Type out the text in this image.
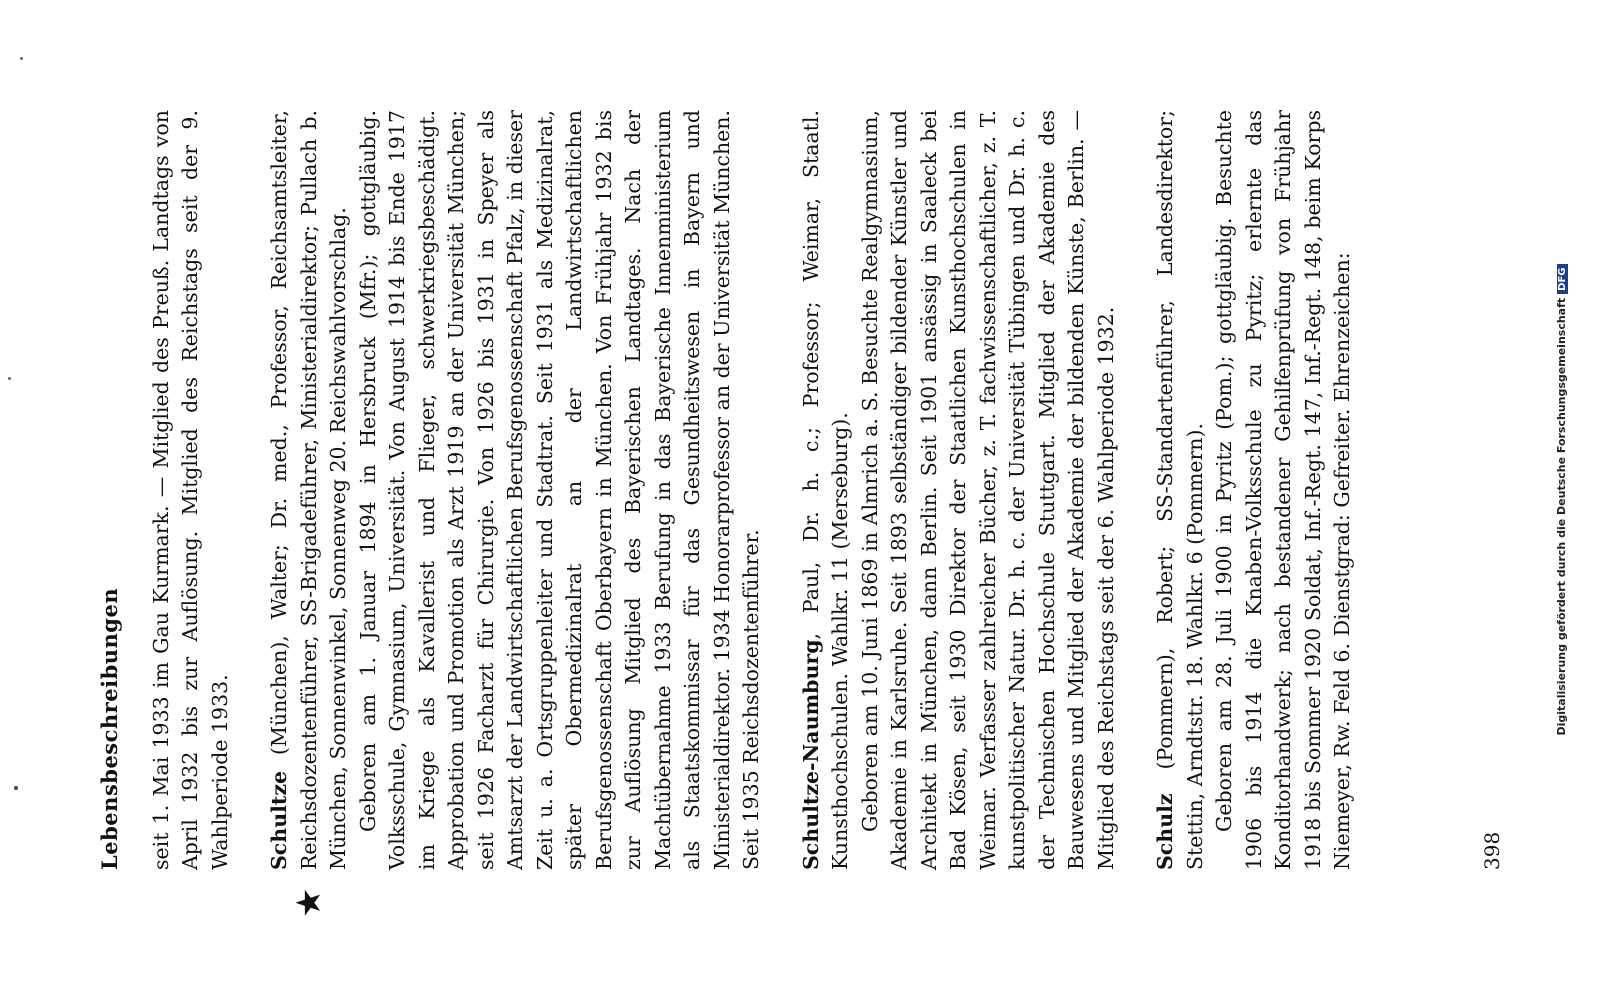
★
Lebensbeschreibungen seit 1. Mai 1933 im Gau Kurmark. — Mitglied des Preuß. Landtags von April 1932 bis zur Auflösung. Mitglied des Reichstags seit der 9. Wahlperiode 1933. Schultze (München), Walter; Dr. med., Professor, Reichsamtsleiter, Reichsdozentenführer, SS-Brigadeführer, Ministerialdirektor; Pullach b. München, Sonnenwinkel, Sonnenweg 20. Reichswahlvorschlag. Geboren am 1. Januar 1894 in Hersbruck (Mfr.); gottgläubig. Volksschule, Gymnasium, Universität. Von August 1914 bis Ende 1917 im Kriege als Kavallerist und Flieger, schwerkriegsbeschädigt. Approbation und Promotion als Arzt 1919 an der Universität München; seit 1926 Facharzt für Chirurgie. Von 1926 bis 1931 in Speyer als Amtsarzt der Landwirtschaftlichen Berufsgenossenschaft Pfalz, in dieser Zeit u. a. Ortsgruppenleiter und Stadtrat. Seit 1931 als Medizinalrat, später Obermedizinalrat an der Landwirtschaftlichen Berufsgenossenschaft Oberbayern in München. Von Frühjahr 1932 bis zur Auflösung Mitglied des Bayerischen Landtages. Nach der Machtübernahme 1933 Berufung in das Bayerische Innenministerium als Staatskommissar für das Gesundheitswesen in Bayern und Ministerialdirektor. 1934 Honorarprofessor an der Universität München. Seit 1935 Reichsdozentenführer. Schultze-Naumburg, Paul, Dr. h. c.; Professor; Weimar, Staatl. Kunsthochschulen. Wahlkr. 11 (Merseburg). Geboren am 10. Juni 1869 in Almrich a. S. Besuchte Realgymnasium, Akademie in Karlsruhe. Seit 1893 selbständiger bildender Künstler und Architekt in München, dann Berlin. Seit 1901 ansässig in Saaleck bei Bad Kösen, seit 1930 Direktor der Staatlichen Kunsthochschulen in Weimar. Verfasser zahlreicher Bücher, z. T. fachwissenschaftlicher, z. T. kunstpolitischer Natur. Dr. h. c. der Universität Tübingen und Dr. h. c. der Technischen Hochschule Stuttgart. Mitglied der Akademie des Bauwesens und Mitglied der Akademie der bildenden Künste, Berlin. — Mitglied des Reichstags seit der 6. Wahlperiode 1932. Schulz (Pommern), Robert; SS-Standartenführer, Landesdirektor; Stettin, Arndtstr. 18. Wahlkr. 6 (Pommern). Geboren am 28. Juli 1900 in Pyritz (Pom.); gottgläubig. Besuchte 1906 bis 1914 die Knaben-Volksschule zu Pyritz; erlernte das Konditorhandwerk; nach bestandener Gehilfenprüfung von Frühjahr 1918 bis Sommer 1920 Soldat, Inf.-Regt. 147, Inf.-Regt. 148, beim Korps Niemeyer, Rw. Feld 6. Dienstgrad: Gefreiter. Ehrenzeichen:	398
Digitalisierung gefördert durch die Deutsche ForschungsgemeinschaftDFG
